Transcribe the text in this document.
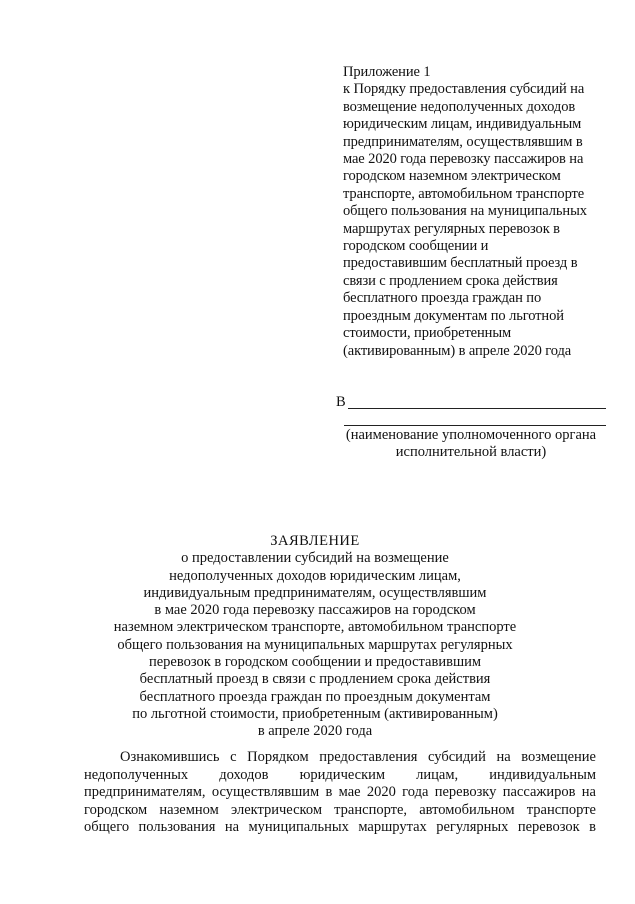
Приложение 1
к Порядку предоставления субсидий на
возмещение недополученных доходов
юридическим лицам, индивидуальным
предпринимателям, осуществлявшим в
мае 2020 года перевозку пассажиров на
городском наземном электрическом
транспорте, автомобильном транспорте
общего пользования на муниципальных
маршрутах регулярных перевозок в
городском сообщении и
предоставившим бесплатный проезд в
связи с продлением срока действия
бесплатного проезда граждан по
проездным документам по льготной
стоимости, приобретенным
(активированным) в апреле 2020 года
В
(наименование уполномоченного органа
исполнительной власти)
ЗАЯВЛЕНИЕ
о предоставлении субсидий на возмещение
недополученных доходов юридическим лицам,
индивидуальным предпринимателям, осуществлявшим
в мае 2020 года перевозку пассажиров на городском
наземном электрическом транспорте, автомобильном транспорте
общего пользования на муниципальных маршрутах регулярных
перевозок в городском сообщении и предоставившим
бесплатный проезд в связи с продлением срока действия
бесплатного проезда граждан по проездным документам
по льготной стоимости, приобретенным (активированным)
в апреле 2020 года
Ознакомившись с Порядком предоставления субсидий на возмещение
недополученных доходов юридическим лицам, индивидуальным
предпринимателям, осуществлявшим в мае 2020 года перевозку пассажиров на
городском наземном электрическом транспорте, автомобильном транспорте
общего пользования на муниципальных маршрутах регулярных перевозок в
